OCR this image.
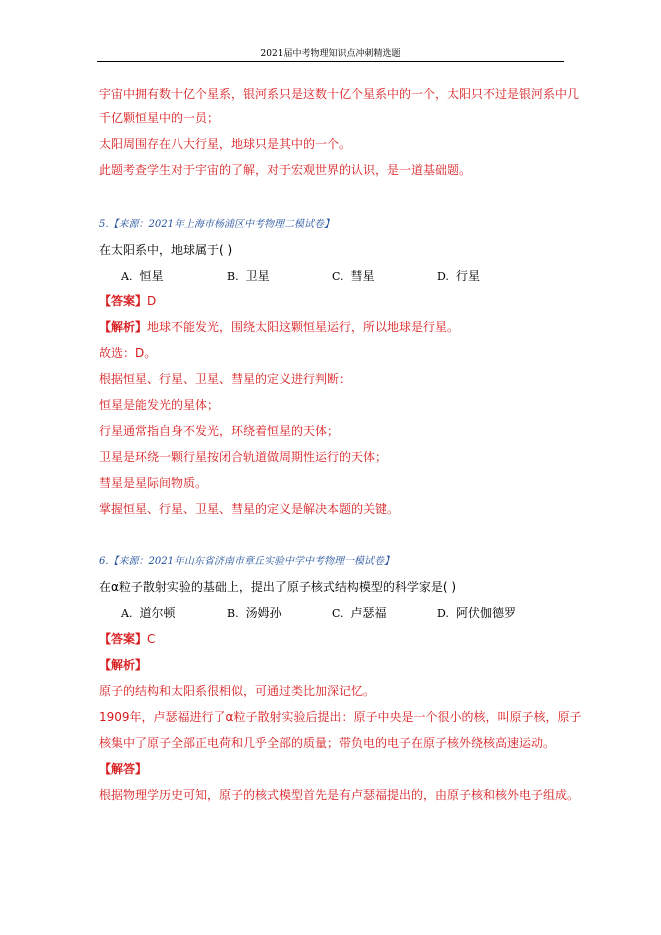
2021届中考物理知识点冲刺精选题
宇宙中拥有数十亿个星系，银河系只是这数十亿个星系中的一个，太阳只不过是银河系中几
千亿颗恒星中的一员；
太阳周围存在八大行星，地球只是其中的一个。
此题考查学生对于宇宙的了解，对于宏观世界的认识，是一道基础题。
5.【来源：2021年上海市杨浦区中考物理二模试卷】
在太阳系中，地球属于( )
A. 恒星	B. 卫星	C. 彗星	D. 行星
【答案】D
【解析】地球不能发光，围绕太阳这颗恒星运行，所以地球是行星。
故选：D。
根据恒星、行星、卫星、彗星的定义进行判断：
恒星是能发光的星体；
行星通常指自身不发光，环绕着恒星的天体；
卫星是环绕一颗行星按闭合轨道做周期性运行的天体；
彗星是星际间物质。
掌握恒星、行星、卫星、彗星的定义是解决本题的关键。
6.【来源：2021年山东省济南市章丘实验中学中考物理一模试卷】
在α粒子散射实验的基础上，提出了原子核式结构模型的科学家是( )
A. 道尔顿	B. 汤姆孙	C. 卢瑟福	D. 阿伏伽德罗
【答案】C
【解析】
原子的结构和太阳系很相似，可通过类比加深记忆。
1909年，卢瑟福进行了α粒子散射实验后提出：原子中央是一个很小的核，叫原子核，原子
核集中了原子全部正电荷和几乎全部的质量；带负电的电子在原子核外绕核高速运动。
【解答】
根据物理学历史可知，原子的核式模型首先是有卢瑟福提出的，由原子核和核外电子组成。
